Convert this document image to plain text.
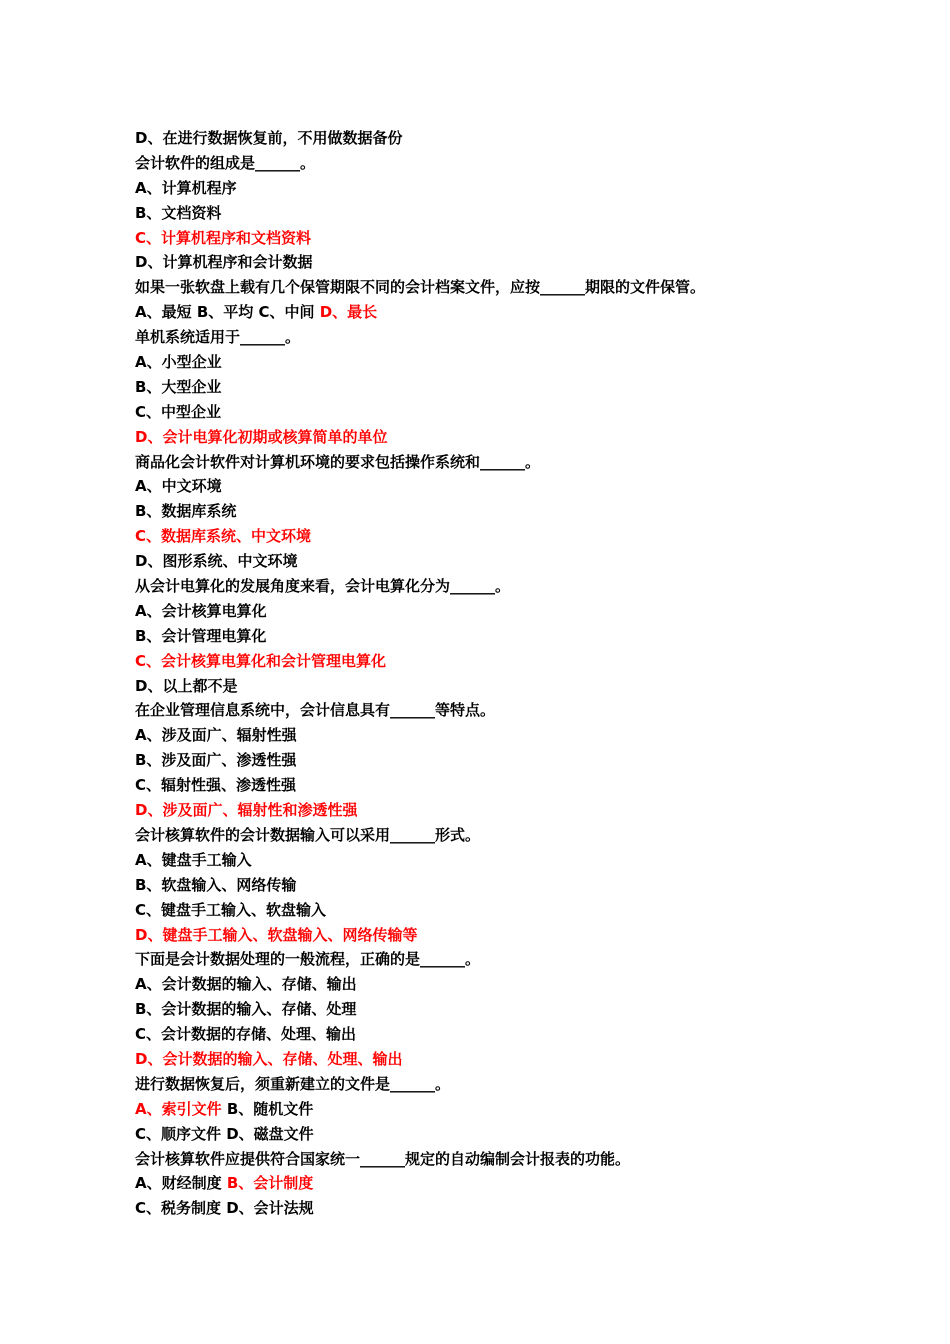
D、在进行数据恢复前，不用做数据备份
会计软件的组成是______。
A、计算机程序
B、文档资料
C、计算机程序和文档资料
D、计算机程序和会计数据
如果一张软盘上载有几个保管期限不同的会计档案文件，应按______期限的文件保管。
A、最短 B、平均 C、中间 D、最长
单机系统适用于______。
A、小型企业
B、大型企业
C、中型企业
D、会计电算化初期或核算简单的单位
商品化会计软件对计算机环境的要求包括操作系统和______。
A、中文环境
B、数据库系统
C、数据库系统、中文环境
D、图形系统、中文环境
从会计电算化的发展角度来看，会计电算化分为______。
A、会计核算电算化
B、会计管理电算化
C、会计核算电算化和会计管理电算化
D、以上都不是
在企业管理信息系统中，会计信息具有______等特点。
A、涉及面广、辐射性强
B、涉及面广、渗透性强
C、辐射性强、渗透性强
D、涉及面广、辐射性和渗透性强
会计核算软件的会计数据输入可以采用______形式。
A、键盘手工输入
B、软盘输入、网络传输
C、键盘手工输入、软盘输入
D、键盘手工输入、软盘输入、网络传输等
下面是会计数据处理的一般流程，正确的是______。
A、会计数据的输入、存储、输出
B、会计数据的输入、存储、处理
C、会计数据的存储、处理、输出
D、会计数据的输入、存储、处理、输出
进行数据恢复后，须重新建立的文件是______。
A、索引文件 B、随机文件
C、顺序文件 D、磁盘文件
会计核算软件应提供符合国家统一______规定的自动编制会计报表的功能。
A、财经制度 B、会计制度
C、税务制度 D、会计法规
